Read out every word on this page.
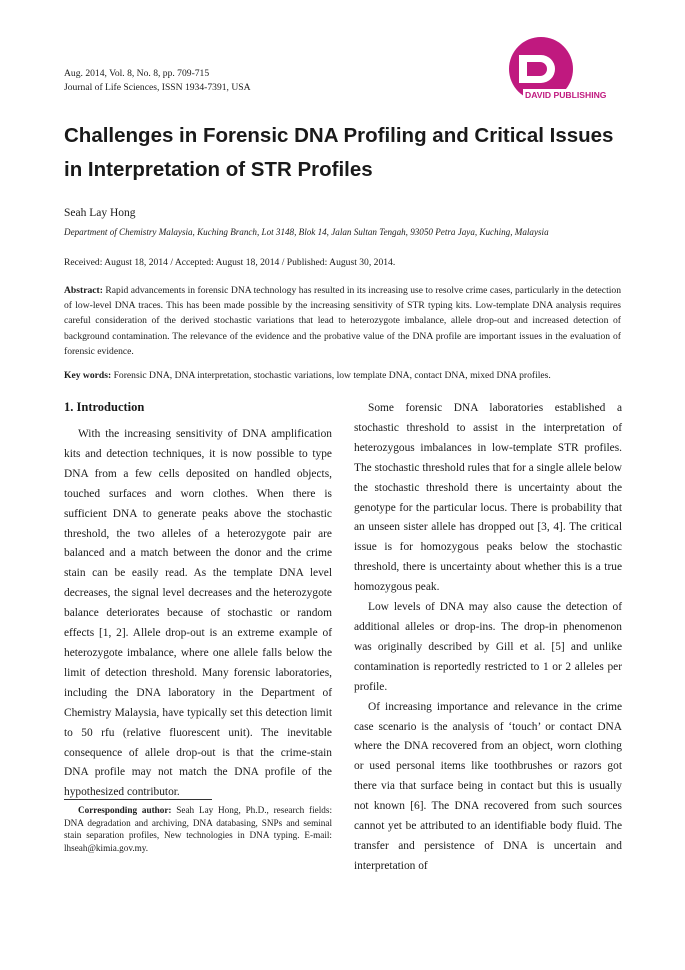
Aug. 2014, Vol. 8, No. 8, pp. 709-715
Journal of Life Sciences, ISSN 1934-7391, USA
DAVID PUBLISHING
Challenges in Forensic DNA Profiling and Critical Issues
in Interpretation of STR Profiles
Seah Lay Hong
Department of Chemistry Malaysia, Kuching Branch, Lot 3148, Blok 14, Jalan Sultan Tengah, 93050 Petra Jaya, Kuching, Malaysia
Received: August 18, 2014 / Accepted: August 18, 2014 / Published: August 30, 2014.
Abstract: Rapid advancements in forensic DNA technology has resulted in its increasing use to resolve crime cases, particularly in the detection of low-level DNA traces. This has been made possible by the increasing sensitivity of STR typing kits. Low-template DNA analysis requires careful consideration of the derived stochastic variations that lead to heterozygote imbalance, allele drop-out and increased detection of background contamination. The relevance of the evidence and the probative value of the DNA profile are important issues in the evaluation of forensic evidence.
Key words: Forensic DNA, DNA interpretation, stochastic variations, low template DNA, contact DNA, mixed DNA profiles.
1. Introduction

With the increasing sensitivity of DNA amplification kits and detection techniques, it is now possible to type DNA from a few cells deposited on handled objects, touched surfaces and worn clothes. When there is sufficient DNA to generate peaks above the stochastic threshold, the two alleles of a heterozygote pair are balanced and a match between the donor and the crime stain can be easily read. As the template DNA level decreases, the signal level decreases and the heterozygote balance deteriorates because of stochastic or random effects [1, 2]. Allele drop-out is an extreme example of heterozygote imbalance, where one allele falls below the limit of detection threshold. Many forensic laboratories, including the DNA laboratory in the Department of Chemistry Malaysia, have typically set this detection limit to 50 rfu (relative fluorescent unit). The inevitable consequence of allele drop-out is that the crime-stain DNA profile may not match the DNA profile of the hypothesized contributor.

Some forensic DNA laboratories established a stochastic threshold to assist in the interpretation of heterozygous imbalances in low-template STR profiles. The stochastic threshold rules that for a single allele below the stochastic threshold there is uncertainty about the genotype for the particular locus. There is probability that an unseen sister allele has dropped out [3, 4]. The critical issue is for homozygous peaks below the stochastic threshold, there is uncertainty about whether this is a true homozygous peak.

Low levels of DNA may also cause the detection of additional alleles or drop-ins. The drop-in phenomenon was originally described by Gill et al. [5] and unlike contamination is reportedly restricted to 1 or 2 alleles per profile.

Of increasing importance and relevance in the crime case scenario is the analysis of ‘touch’ or contact DNA where the DNA recovered from an object, worn clothing or used personal items like toothbrushes or razors got there via that surface being in contact but this is usually not known [6]. The DNA recovered from such sources cannot yet be attributed to an identifiable body fluid. The transfer and persistence of DNA is uncertain and interpretation of

Corresponding author: Seah Lay Hong, Ph.D., research fields: DNA degradation and archiving, DNA databasing, SNPs and seminal stain separation profiles, New technologies in DNA typing. E-mail: lhseah@kimia.gov.my.
